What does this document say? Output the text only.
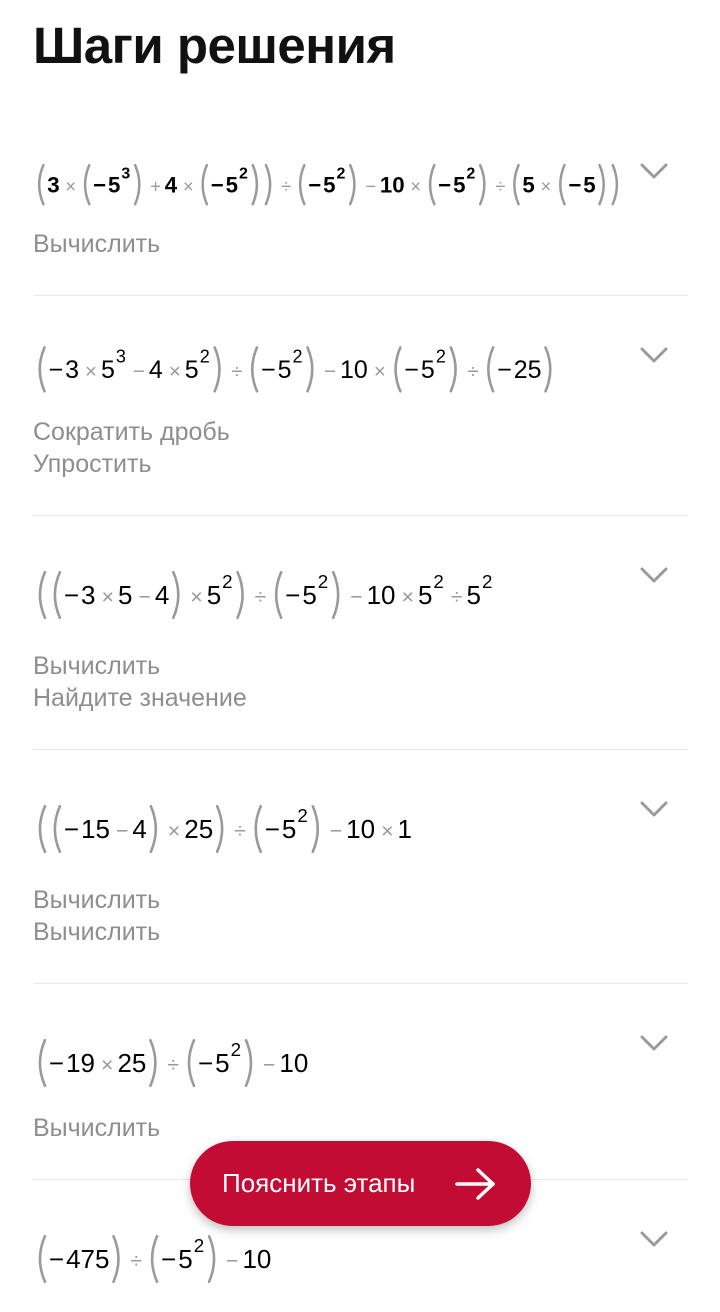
Шаги решения
3 × − 5 3
+ 4 × − 5 2
÷ − 5 2
− 10 × − 5 2
÷ 5 × − 5
Вычислить
− 3 × 5 3
− 4 × 5 2
÷ − 5 2
− 10 × − 5 2
÷ − 25
Сократить дробь
Упростить
− 3 × 5 − 4 × 5 2
÷ − 5 2
− 10 × 5 2
÷ 5 2
Вычислить
Найдите значение
− 15 − 4 × 25 ÷ − 5 2
− 10 × 1
Вычислить
Вычислить
− 19 × 25 ÷ − 5 2
− 10
Вычислить
− 475 ÷ − 5 2
− 10
Пояснить этапы
